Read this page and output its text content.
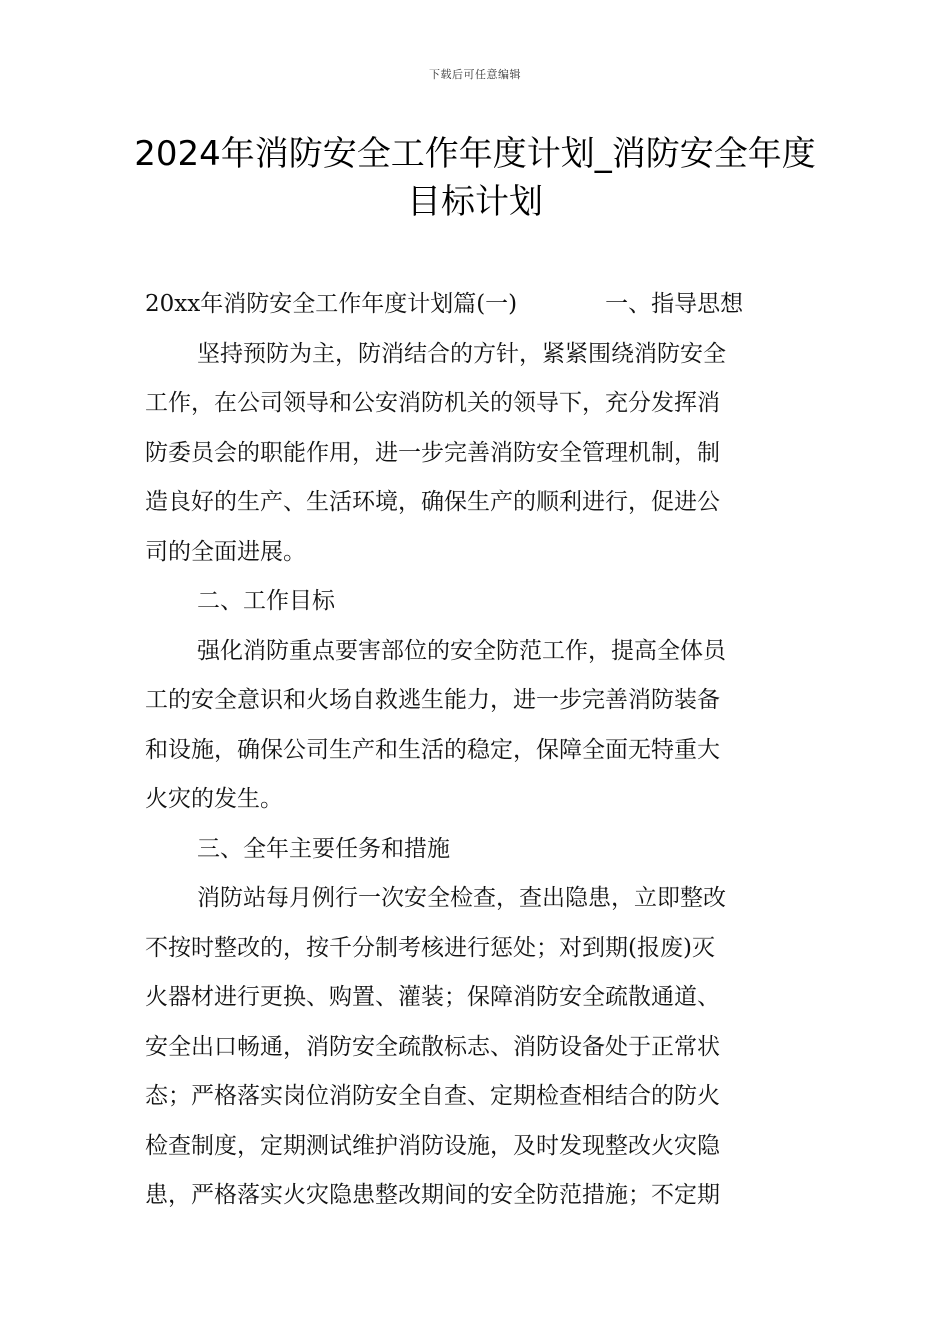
下载后可任意编辑
2024年消防安全工作年度计划_消防安全年度目标计划
20xx年消防安全工作年度计划篇(一)	一、指导思想
坚持预防为主，防消结合的方针，紧紧围绕消防安全
工作，在公司领导和公安消防机关的领导下，充分发挥消
防委员会的职能作用，进一步完善消防安全管理机制，制
造良好的生产、生活环境，确保生产的顺利进行，促进公
司的全面进展。
二、工作目标
强化消防重点要害部位的安全防范工作，提高全体员
工的安全意识和火场自救逃生能力，进一步完善消防装备
和设施，确保公司生产和生活的稳定，保障全面无特重大
火灾的发生。
三、全年主要任务和措施
消防站每月例行一次安全检查，查出隐患，立即整改
不按时整改的，按千分制考核进行惩处；对到期(报废)灭
火器材进行更换、购置、灌装；保障消防安全疏散通道、
安全出口畅通，消防安全疏散标志、消防设备处于正常状
态；严格落实岗位消防安全自查、定期检查相结合的防火
检查制度，定期测试维护消防设施，及时发现整改火灾隐
患，严格落实火灾隐患整改期间的安全防范措施；不定期
